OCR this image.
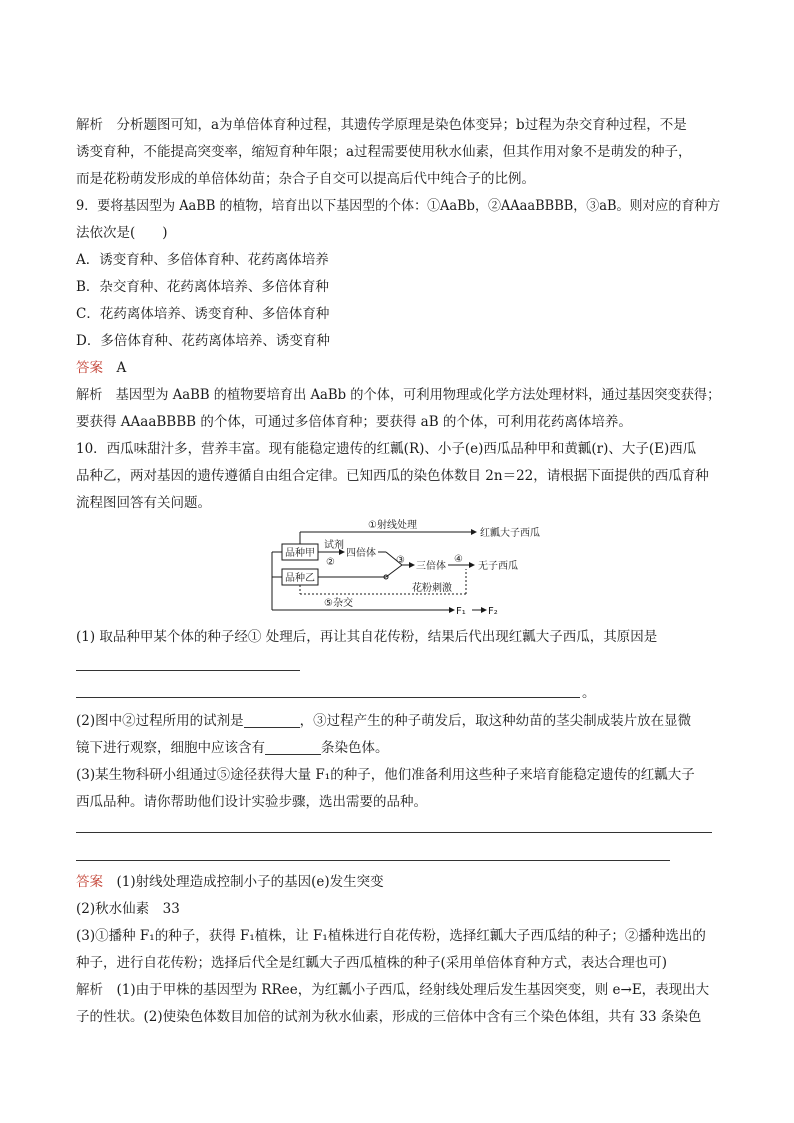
解析　 分析题图可知，a为单倍体育种过程，其遗传学原理是染色体变异；b过程为杂交育种过程，不是
诱变育种，不能提高突变率，缩短育种年限；a过程需要使用秋水仙素，但其作用对象不是萌发的种子，
而是花粉萌发形成的单倍体幼苗；杂合子自交可以提高后代中纯合子的比例。
9．要将基因型为 AaBB 的植物，培育出以下基因型的个体：①AaBb，②AAaaBBBB，③aB。则对应的育种方
法依次是(　　)
A．诱变育种、多倍体育种、花药离体培养
B．杂交育种、花药离体培养、多倍体育种
C．花药离体培养、诱变育种、多倍体育种
D．多倍体育种、花药离体培养、诱变育种
答案　 A
解析　 基因型为 AaBB 的植物要培育出 AaBb 的个体，可利用物理或化学方法处理材料，通过基因突变获得；
要获得 AAaaBBBB 的个体，可通过多倍体育种；要获得 aB 的个体，可利用花药离体培养。
10．西瓜味甜汁多，营养丰富。现有能稳定遗传的红瓤(R)、小子(e)西瓜品种甲和黄瓤(r)、大子(E)西瓜
品种乙，两对基因的遗传遵循自由组合定律。已知西瓜的染色体数目 2n＝22，请根据下面提供的西瓜育种
流程图回答有关问题。
品种甲
品种乙
①射线处理
红瓤大子西瓜
试剂
②
四倍体
③
三倍体
④
无子西瓜
花粉刺激
⑤杂交
F₁ F₂
(1) 取品种甲某个体的种子经① 处理后，再让其自花传粉，结果后代出现红瓤大子西瓜，其原因是
。
(2)图中②过程所用的试剂是	，③过程产生的种子萌发后，取这种幼苗的茎尖制成装片放在显微
镜下进行观察，细胞中应该含有	条染色体。
(3)某生物科研小组通过⑤途径获得大量 F₁的种子，他们准备利用这些种子来培育能稳定遗传的红瓤大子
西瓜品种。请你帮助他们设计实验步骤，选出需要的品种。
答案　 (1)射线处理造成控制小子的基因(e)发生突变
(2)秋水仙素　33
(3)①播种 F₁的种子，获得 F₁植株，让 F₁植株进行自花传粉，选择红瓤大子西瓜结的种子；②播种选出的
种子，进行自花传粉；选择后代全是红瓤大子西瓜植株的种子(采用单倍体育种方式，表达合理也可)
解析　 (1)由于甲株的基因型为 RRee，为红瓤小子西瓜，经射线处理后发生基因突变，则 e→E，表现出大
子的性状。(2)使染色体数目加倍的试剂为秋水仙素，形成的三倍体中含有三个染色体组，共有 33 条染色
